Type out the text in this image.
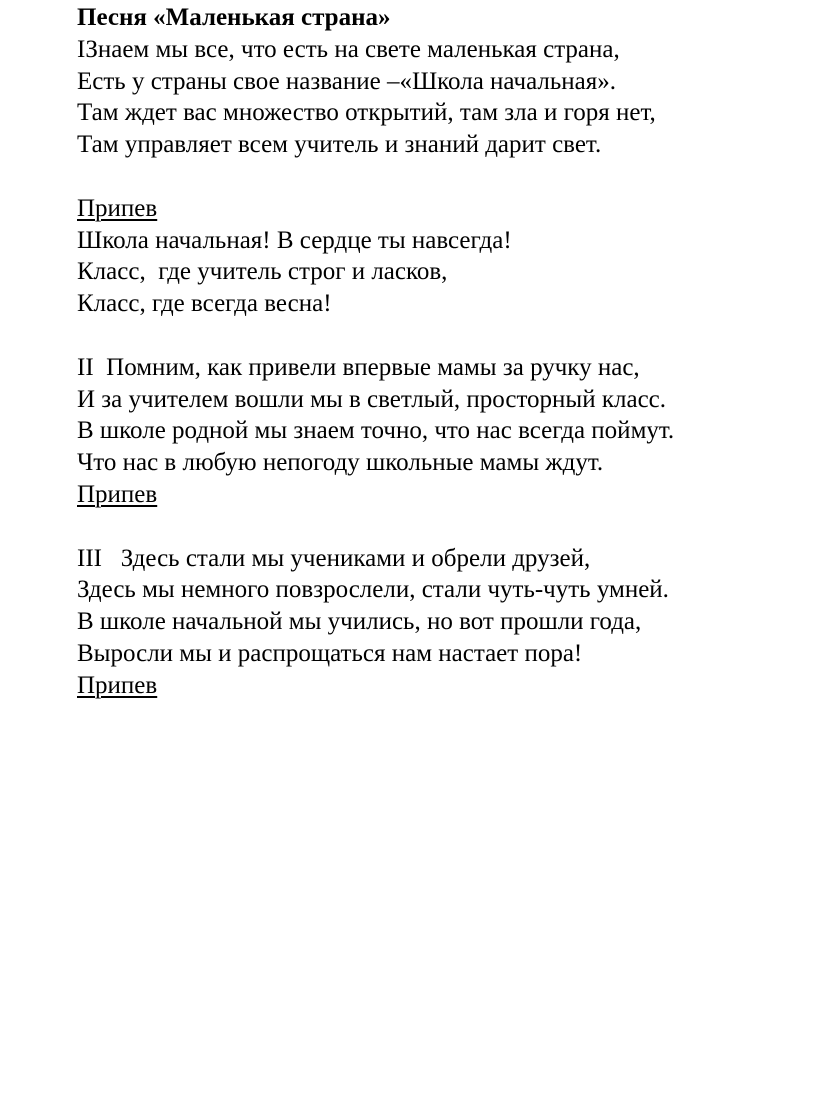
Песня «Маленькая страна»

IЗнаем мы все, что есть на свете маленькая страна,

Есть у страны свое название –«Школа начальная».

Там ждет вас множество открытий, там зла и горя нет,

Там управляет всем учитель и знаний дарит свет.

Припев

Школа начальная! В сердце ты навсегда!

Класс,  где учитель строг и ласков,

Класс, где всегда весна!

II  Помним, как привели впервые мамы за ручку нас,

И за учителем вошли мы в светлый, просторный класс.

В школе родной мы знаем точно, что нас всегда поймут.

Что нас в любую непогоду школьные мамы ждут.

Припев

III   Здесь стали мы учениками и обрели друзей,

Здесь мы немного повзрослели, стали чуть-чуть умней.

В школе начальной мы учились, но вот прошли года,

Выросли мы и распрощаться нам настает пора!

Припев
